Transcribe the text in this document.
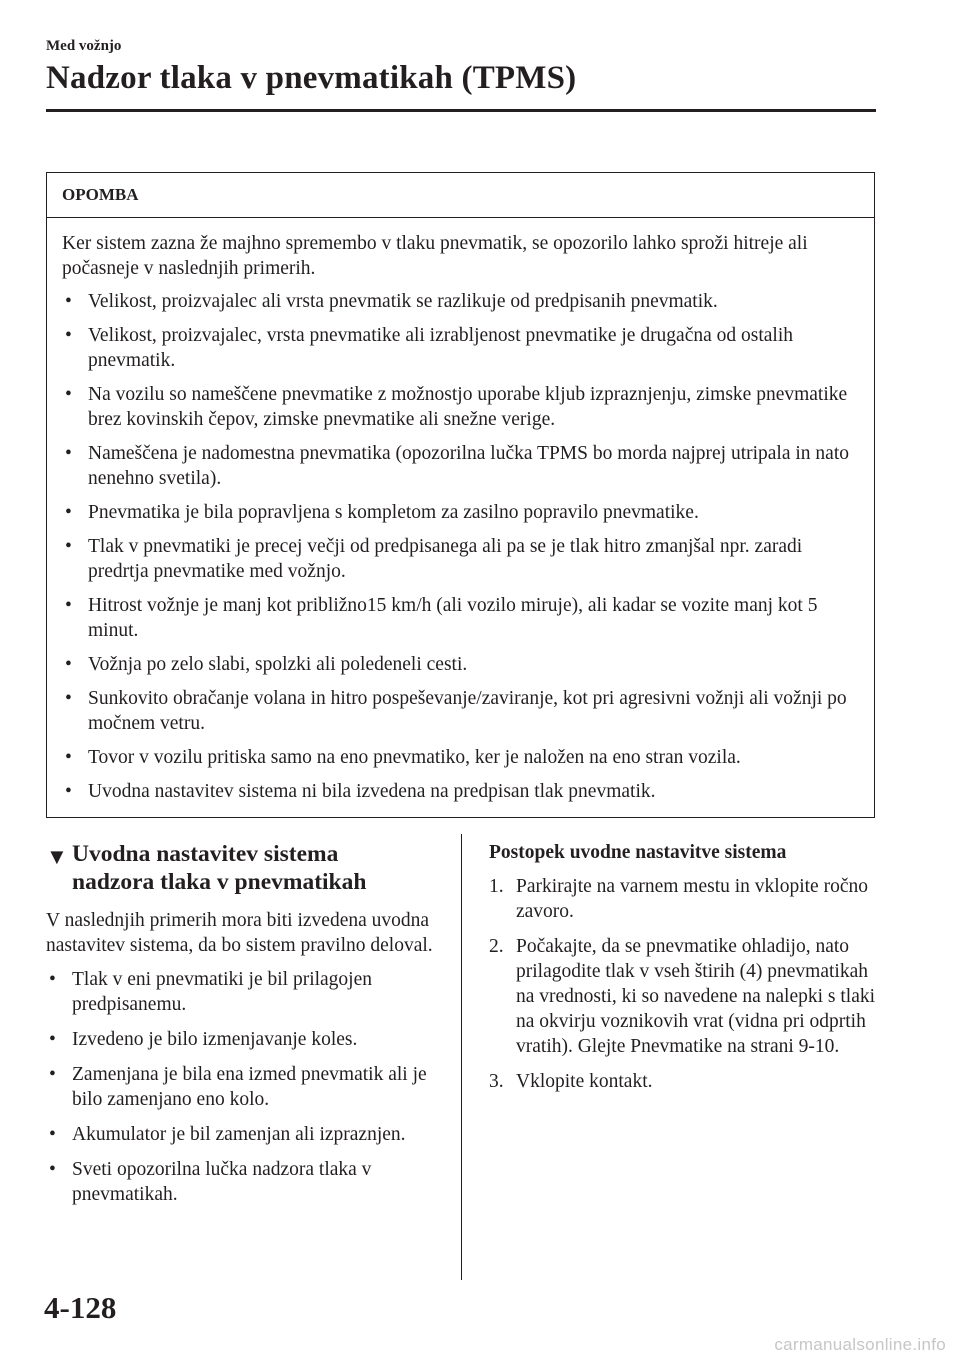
Med vožnjo
Nadzor tlaka v pnevmatikah (TPMS)
OPOMBA

Ker sistem zazna že majhno spremembo v tlaku pnevmatik, se opozorilo lahko sproži hitreje ali počasneje v naslednjih primerih.

• Velikost, proizvajalec ali vrsta pnevmatik se razlikuje od predpisanih pnevmatik.
• Velikost, proizvajalec, vrsta pnevmatike ali izrabljenost pnevmatike je drugačna od ostalih pnevmatik.
• Na vozilu so nameščene pnevmatike z možnostjo uporabe kljub izpraznjenju, zimske pnevmatike brez kovinskih čepov, zimske pnevmatike ali snežne verige.
• Nameščena je nadomestna pnevmatika (opozorilna lučka TPMS bo morda najprej utripala in nato nenehno svetila).
• Pnevmatika je bila popravljena s kompletom za zasilno popravilo pnevmatike.
• Tlak v pnevmatiki je precej večji od predpisanega ali pa se je tlak hitro zmanjšal npr. zaradi predrtja pnevmatike med vožnjo.
• Hitrost vožnje je manj kot približno15 km/h (ali vozilo miruje), ali kadar se vozite manj kot 5 minut.
• Vožnja po zelo slabi, spolzki ali poledeneli cesti.
• Sunkovito obračanje volana in hitro pospeševanje/zaviranje, kot pri agresivni vožnji ali vožnji po močnem vetru.
• Tovor v vozilu pritiska samo na eno pnevmatiko, ker je naložen na eno stran vozila.
• Uvodna nastavitev sistema ni bila izvedena na predpisan tlak pnevmatik.
▼ Uvodna nastavitev sistema
nadzora tlaka v pnevmatikah

V naslednjih primerih mora biti izvedena uvodna nastavitev sistema, da bo sistem pravilno deloval.

• Tlak v eni pnevmatiki je bil prilagojen predpisanemu.
• Izvedeno je bilo izmenjavanje koles.
• Zamenjana je bila ena izmed pnevmatik ali je bilo zamenjano eno kolo.
• Akumulator je bil zamenjan ali izpraznjen.
• Sveti opozorilna lučka nadzora tlaka v pnevmatikah.
Postopek uvodne nastavitve sistema
1. Parkirajte na varnem mestu in vklopite ročno zavoro.
2. Počakajte, da se pnevmatike ohladijo, nato prilagodite tlak v vseh štirih (4) pnevmatikah na vrednosti, ki so navedene na nalepki s tlaki na okvirju voznikovih vrat (vidna pri odprtih vratih). Glejte Pnevmatike na strani 9-10.
3. Vklopite kontakt.
4-128
carmanualsonline.info
